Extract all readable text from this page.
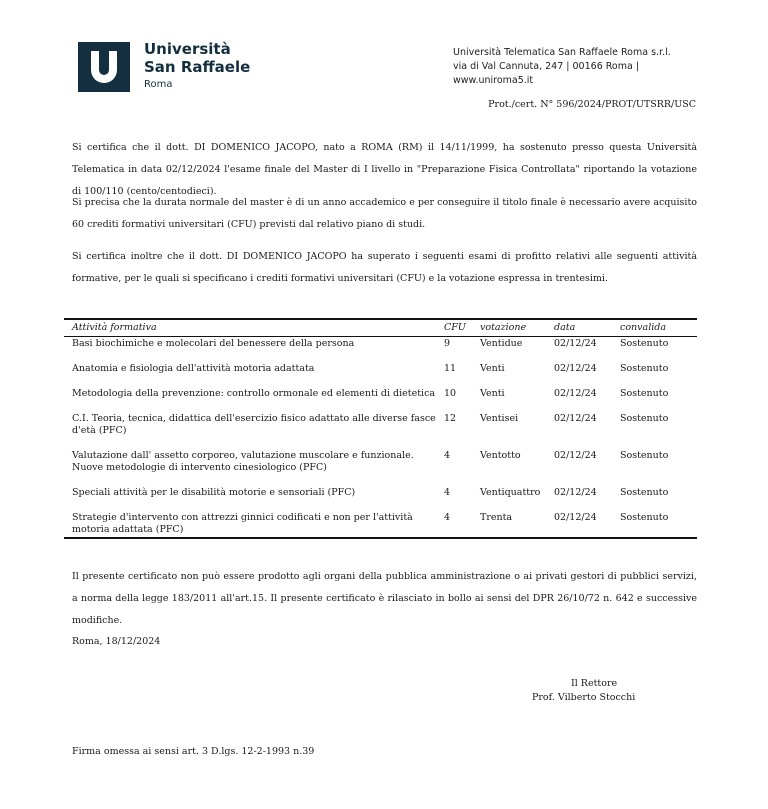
Università
San Raffaele
Roma
Università Telematica San Raffaele Roma s.r.l.
via di Val Cannuta, 247 | 00166 Roma |
www.uniroma5.it
Prot./cert. N° 596/2024/PROT/UTSRR/USC

Si certifica che il dott. DI DOMENICO JACOPO, nato a ROMA (RM) il 14/11/1999, ha sostenuto presso questa Università Telematica in data 02/12/2024 l'esame finale del Master di I livello in "Preparazione Fisica Controllata" riportando la votazione di 100/110 (cento/centodieci).

Si precisa che la durata normale del master è di un anno accademico e per conseguire il titolo finale è necessario avere acquisito 60 crediti formativi universitari (CFU) previsti dal relativo piano di studi.

Si certifica inoltre che il dott. DI DOMENICO JACOPO ha superato i seguenti esami di profitto relativi alle seguenti attività formative, per le quali si specificano i crediti formativi universitari (CFU) e la votazione espressa in trentesimi.

Attività formativa	CFU	votazione	data	convalida
Basi biochimiche e molecolari del benessere della persona	9	Ventidue	02/12/24	Sostenuto
Anatomia e fisiologia dell'attività motoria adattata	11	Venti	02/12/24	Sostenuto
Metodologia della prevenzione: controllo ormonale ed elementi di dietetica	10	Venti	02/12/24	Sostenuto
C.I. Teoria, tecnica, didattica dell'esercizio fisico adattato alle diverse fasce d'età (PFC)	12	Ventisei	02/12/24	Sostenuto
Valutazione dall' assetto corporeo, valutazione muscolare e funzionale. Nuove metodologie di intervento cinesiologico (PFC)	4	Ventotto	02/12/24	Sostenuto
Speciali attività per le disabilità motorie e sensoriali (PFC)	4	Ventiquattro	02/12/24	Sostenuto
Strategie d'intervento con attrezzi ginnici codificati e non per l'attività motoria adattata (PFC)	4	Trenta	02/12/24	Sostenuto

Il presente certificato non può essere prodotto agli organi della pubblica amministrazione o ai privati gestori di pubblici servizi, a norma della legge 183/2011 all'art.15. Il presente certificato è rilasciato in bollo ai sensi del DPR 26/10/72 n. 642 e successive modifiche.

Roma, 18/12/2024
Il Rettore
Prof. Vilberto Stocchi
Firma omessa ai sensi art. 3 D.lgs. 12-2-1993 n.39
